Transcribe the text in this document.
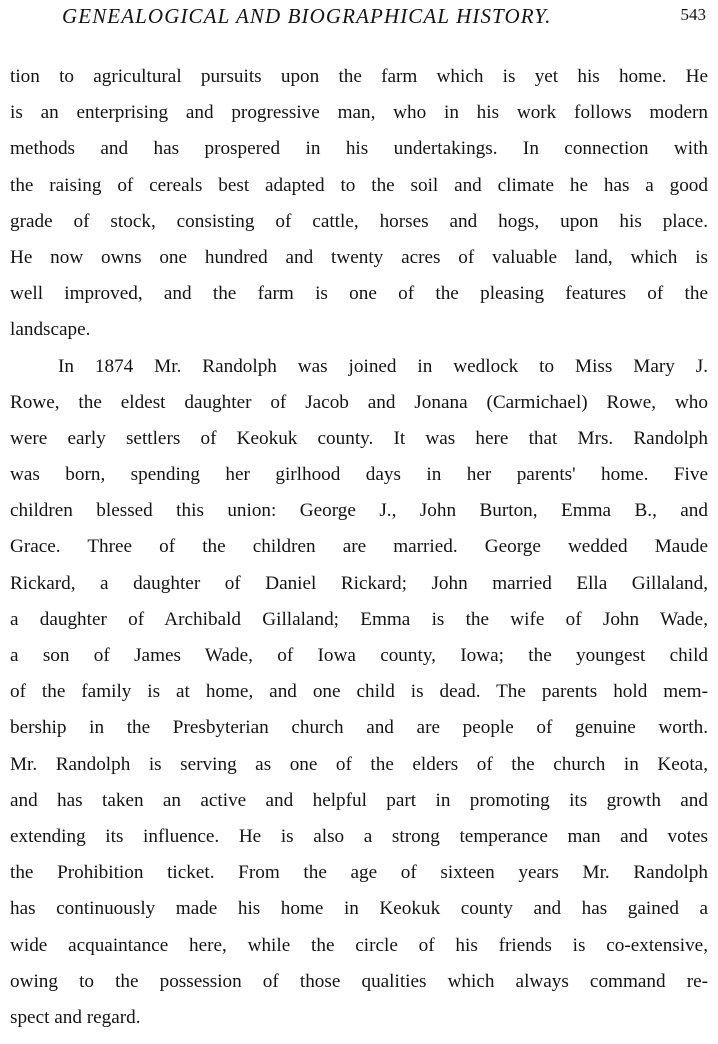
GENEALOGICAL AND BIOGRAPHICAL HISTORY.	543
tion to agricultural pursuits upon the farm which is yet his home. He
is an enterprising and progressive man, who in his work follows modern
methods and has prospered in his undertakings. In connection with
the raising of cereals best adapted to the soil and climate he has a good
grade of stock, consisting of cattle, horses and hogs, upon his place.
He now owns one hundred and twenty acres of valuable land, which is
well improved, and the farm is one of the pleasing features of the
landscape.
In 1874 Mr. Randolph was joined in wedlock to Miss Mary J.
Rowe, the eldest daughter of Jacob and Jonana (Carmichael) Rowe, who
were early settlers of Keokuk county. It was here that Mrs. Randolph
was born, spending her girlhood days in her parents' home. Five
children blessed this union: George J., John Burton, Emma B., and
Grace. Three of the children are married. George wedded Maude
Rickard, a daughter of Daniel Rickard; John married Ella Gillaland,
a daughter of Archibald Gillaland; Emma is the wife of John Wade,
a son of James Wade, of Iowa county, Iowa; the youngest child
of the family is at home, and one child is dead. The parents hold mem-
bership in the Presbyterian church and are people of genuine worth.
Mr. Randolph is serving as one of the elders of the church in Keota,
and has taken an active and helpful part in promoting its growth and
extending its influence. He is also a strong temperance man and votes
the Prohibition ticket. From the age of sixteen years Mr. Randolph
has continuously made his home in Keokuk county and has gained a
wide acquaintance here, while the circle of his friends is co-extensive,
owing to the possession of those qualities which always command re-
spect and regard.
